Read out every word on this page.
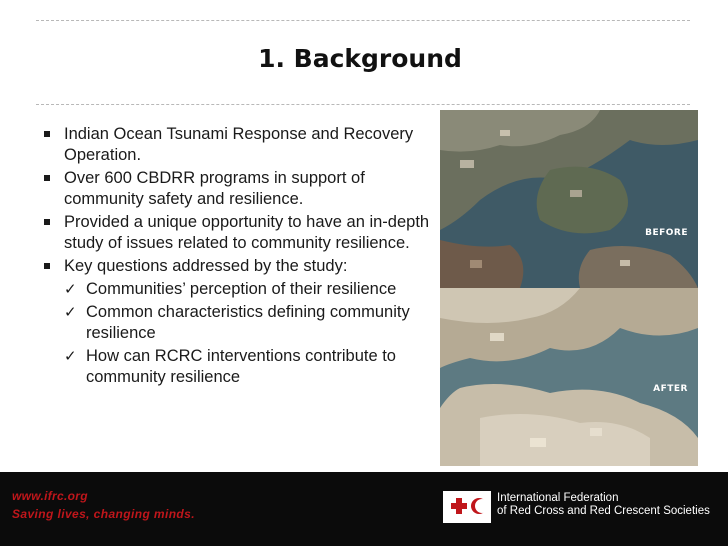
1. Background
Indian Ocean Tsunami Response and Recovery Operation.
Over 600 CBDRR programs in support of community safety and resilience.
Provided a unique opportunity to have an in-depth study of issues related to community resilience.
Key questions addressed by the study:
✓ Communities’ perception of their resilience
✓ Common characteristics defining community resilience
✓ How can RCRC interventions contribute to community resilience
BEFORE
AFTER
www.ifrc.org
Saving lives, changing minds.
International Federation
of Red Cross and Red Crescent Societies
